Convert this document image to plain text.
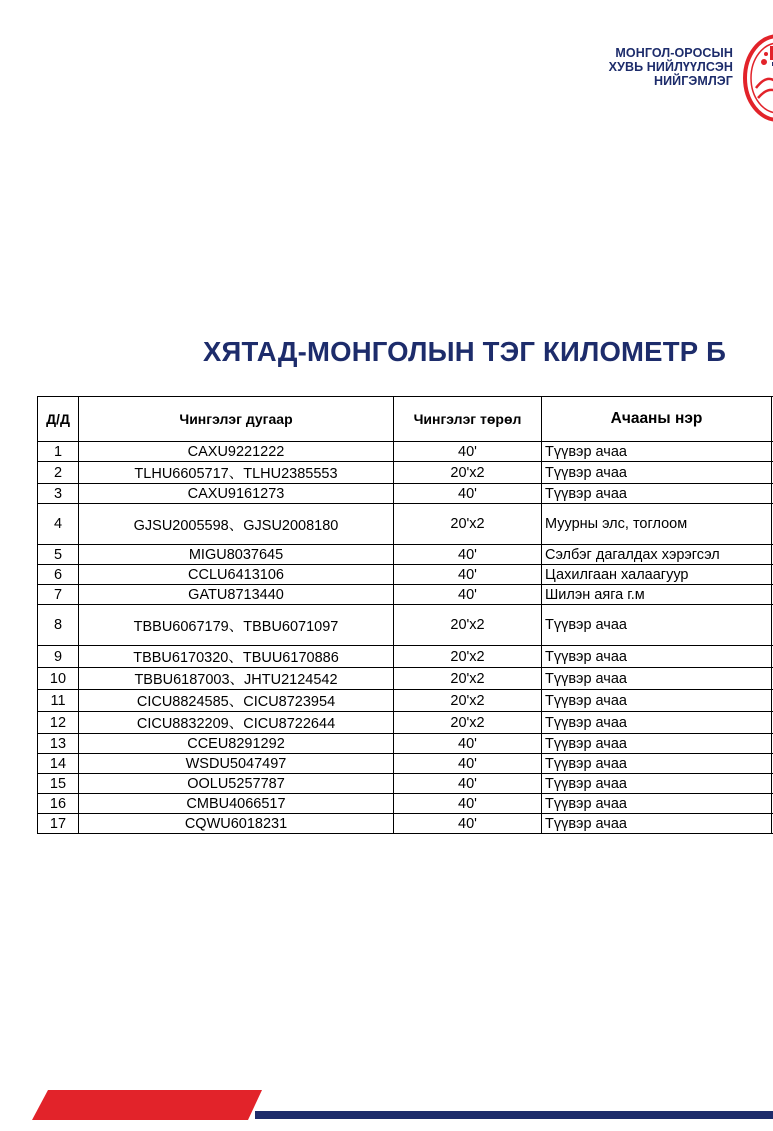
МОНГОЛ-ОРОСЫН
ХУВЬ НИЙЛҮҮЛСЭН
НИЙГЭМЛЭГ
ХЯТАД-МОНГОЛЫН ТЭГ КИЛОМЕТР Б
Д/Д	Чингэлэг дугаар	Чингэлэг төрөл	Ачааны нэр	
1	CAXU9221222	40'	Түүвэр ачаа	
2	TLHU6605717、TLHU2385553	20'x2	Түүвэр ачаа	
3	CAXU9161273	40'	Түүвэр ачаа	
4	GJSU2005598、GJSU2008180	20'x2	Муурны элс, тоглоом	
5	MIGU8037645	40'	Сэлбэг дагалдах хэрэгсэл	
6	CCLU6413106	40'	Цахилгаан халаагуур	
7	GATU8713440	40'	Шилэн аяга г.м	
8	TBBU6067179、TBBU6071097	20'x2	Түүвэр ачаа	
9	TBBU6170320、TBUU6170886	20'x2	Түүвэр ачаа	
10	TBBU6187003、JHTU2124542	20'x2	Түүвэр ачаа	
11	CICU8824585、CICU8723954	20'x2	Түүвэр ачаа	
12	CICU8832209、CICU8722644	20'x2	Түүвэр ачаа	
13	CCEU8291292	40'	Түүвэр ачаа	
14	WSDU5047497	40'	Түүвэр ачаа	
15	OOLU5257787	40'	Түүвэр ачаа	
16	CMBU4066517	40'	Түүвэр ачаа	
17	CQWU6018231	40'	Түүвэр ачаа	
